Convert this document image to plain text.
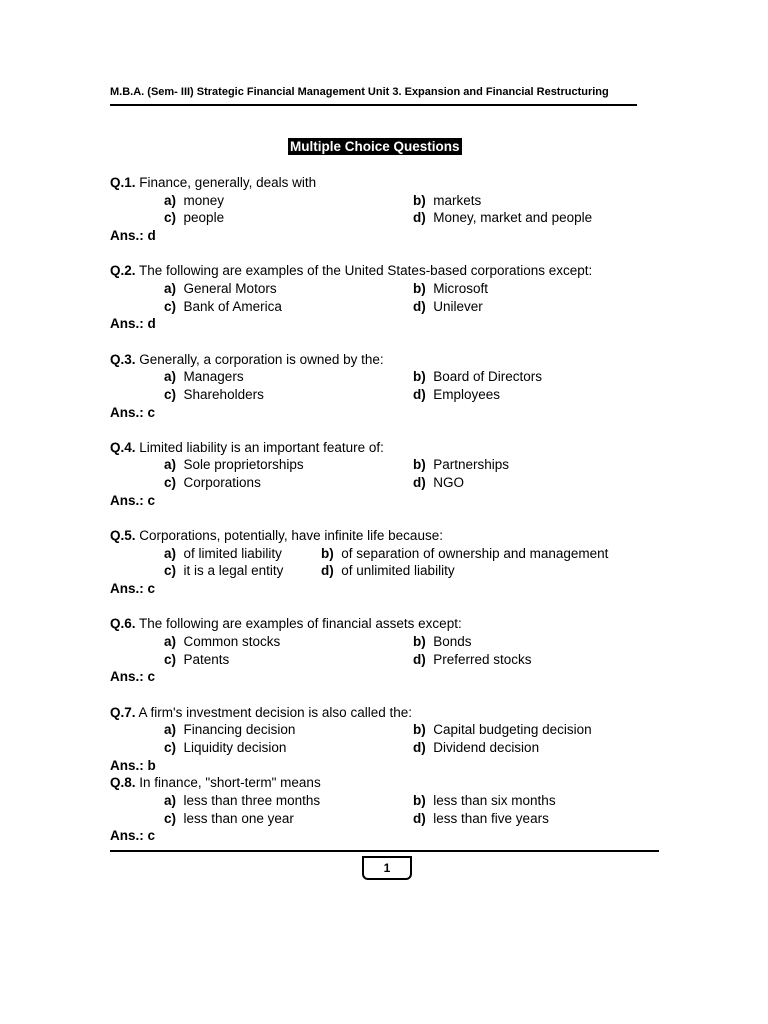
M.B.A. (Sem- III) Strategic Financial Management Unit 3. Expansion and Financial Restructuring
Multiple Choice Questions
Q.1. Finance, generally, deals with
a) money	b) markets
c) people	d) Money, market and people
Ans.: d
Q.2. The following are examples of the United States-based corporations except:
a) General Motors	b) Microsoft
c) Bank of America	d) Unilever
Ans.: d
Q.3. Generally, a corporation is owned by the:
a) Managers	b) Board of Directors
c) Shareholders	d) Employees
Ans.: c
Q.4. Limited liability is an important feature of:
a) Sole proprietorships	b) Partnerships
c) Corporations	d) NGO
Ans.: c
Q.5. Corporations, potentially, have infinite life because:
a) of limited liability	b) of separation of ownership and management
c) it is a legal entity	d) of unlimited liability
Ans.: c
Q.6. The following are examples of financial assets except:
a) Common stocks	b) Bonds
c) Patents	d) Preferred stocks
Ans.: c
Q.7. A firm's investment decision is also called the:
a) Financing decision	b) Capital budgeting decision
c) Liquidity decision	d) Dividend decision
Ans.: b
Q.8. In finance, "short-term" means
a) less than three months	b) less than six months
c) less than one year	d) less than five years
Ans.: c
1
